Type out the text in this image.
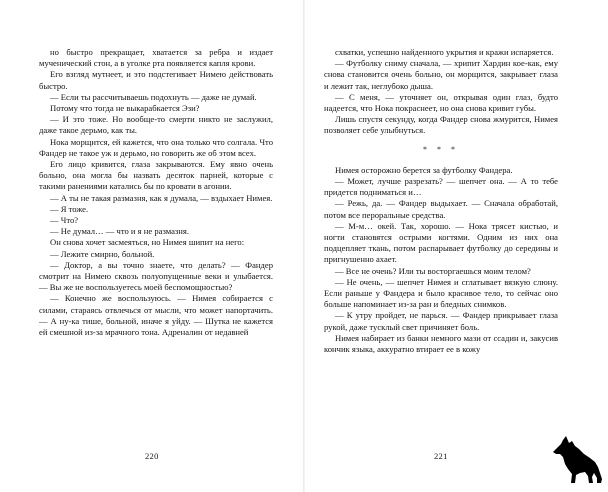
но быстро прекращает, хватается за ребра и издает мученический стон, а в уголке рта появляется капля крови.

Его взгляд мутнеет, и это подстегивает Нимею действовать быстро.

— Если ты рассчитываешь подохнуть — даже не думай.

Потому что тогда не выкарабкается Эзи?

— И это тоже. Но вообще-то смерти никто не заслужил, даже такое дерьмо, как ты.

Нока морщится, ей кажется, что она только что солгала. Что Фандер не такое уж и дерьмо, но говорить же об этом всех.

Его лицо кривится, глаза закрываются. Ему явно очень больно, она могла бы назвать десяток парней, которые с такими ранениями катались бы по кровати в агонии.

— А ты не такая размазня, как я думала, — вздыхает Нимея.

— Я тоже.

— Что?

— Не думал… — что и я не размазня.

Он снова хочет засмеяться, но Нимея шипит на него:

— Лежите смирно, больной.

— Доктор, а вы точно знаете, что делать? — Фандер смотрит на Нимею сквозь полуопущенные веки и улыбается. — Вы же не воспользуетесь моей беспомощностью?

— Конечно же воспользуюсь. — Нимея собирается с силами, стараясь отвлечься от мысли, что может напортачить. — А ну-ка тише, больной, иначе я уйду. — Шутка не кажется ей смешной из-за мрачного тона. Адреналин от недавней

220

схватки, успешно найденного укрытия и кражи испаряется.

— Футболку сниму сначала, — хрипит Хардин кое-как, ему снова становится очень больно, он морщится, закрывает глаза и лежит так, неглубоко дыша.

— С меня, — уточняет он, открывая один глаз, будто надеется, что Нока покраснеет, но она снова кривит губы.

Лишь спустя секунду, когда Фандер снова жмурится, Нимея позволяет себе улыбнуться.

* * *

Нимея осторожно берется за футболку Фандера.

— Может, лучше разрезать? — шепчет она. — А то тебе придется подниматься и…

— Режь, да. — Фандер выдыхает. — Сначала обработай, потом все пероральные средства.

— М-м… окей. Так, хорошо. — Нока трясет кистью, и ногти становятся острыми когтями. Одним из них она подцепляет ткань, потом распарывает футболку до середины и пригнушенно ахает.

— Все не очень? Или ты восторгаешься моим телом?

— Не очень, — шепчет Нимея и сглатывает вязкую слюну. Если раньше у Фандера и было красивое тело, то сейчас оно больше напоминает из-за ран и бледных снимков.

— К утру пройдет, не парься. — Фандер прикрывает глаза рукой, даже тусклый свет причиняет боль.

Нимея набирает из банки немного мази от ссадин и, закусив кончик языка, аккуратно втирает ее в кожу

221
